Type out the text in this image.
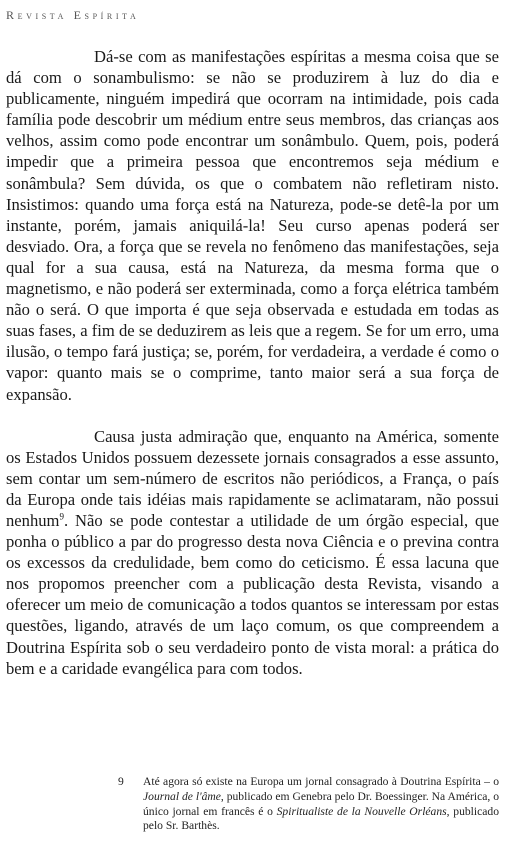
Revista Espírita

Dá-se com as manifestações espíritas a mesma coisa que se dá com o sonambulismo: se não se produzirem à luz do dia e publicamente, ninguém impedirá que ocorram na intimidade, pois cada família pode descobrir um médium entre seus membros, das crianças aos velhos, assim como pode encontrar um sonâmbulo. Quem, pois, poderá impedir que a primeira pessoa que encontremos seja médium e sonâmbula? Sem dúvida, os que o combatem não refletiram nisto. Insistimos: quando uma força está na Natureza, pode-se detê-la por um instante, porém, jamais aniquilá-la! Seu curso apenas poderá ser desviado. Ora, a força que se revela no fenômeno das manifestações, seja qual for a sua causa, está na Natureza, da mesma forma que o magnetismo, e não poderá ser exterminada, como a força elétrica também não o será. O que importa é que seja observada e estudada em todas as suas fases, a fim de se deduzirem as leis que a regem. Se for um erro, uma ilusão, o tempo fará justiça; se, porém, for verdadeira, a verdade é como o vapor: quanto mais se o comprime, tanto maior será a sua força de expansão.

Causa justa admiração que, enquanto na América, somente os Estados Unidos possuem dezessete jornais consagrados a esse assunto, sem contar um sem-número de escritos não periódicos, a França, o país da Europa onde tais idéias mais rapidamente se aclimataram, não possui nenhum$^9$. Não se pode contestar a utilidade de um órgão especial, que ponha o público a par do progresso desta nova Ciência e o previna contra os excessos da credulidade, bem como do ceticismo. É essa lacuna que nos propomos preencher com a publicação desta Revista, visando a oferecer um meio de comunicação a todos quantos se interessam por estas questões, ligando, através de um laço comum, os que compreendem a Doutrina Espírita sob o seu verdadeiro ponto de vista moral: a prática do bem e a caridade evangélica para com todos.

9 Até agora só existe na Europa um jornal consagrado à Doutrina Espírita – o Journal de l'âme, publicado em Genebra pelo Dr. Boessinger. Na América, o único jornal em francês é o Spiritualiste de la Nouvelle Orléans, publicado pelo Sr. Barthès.
